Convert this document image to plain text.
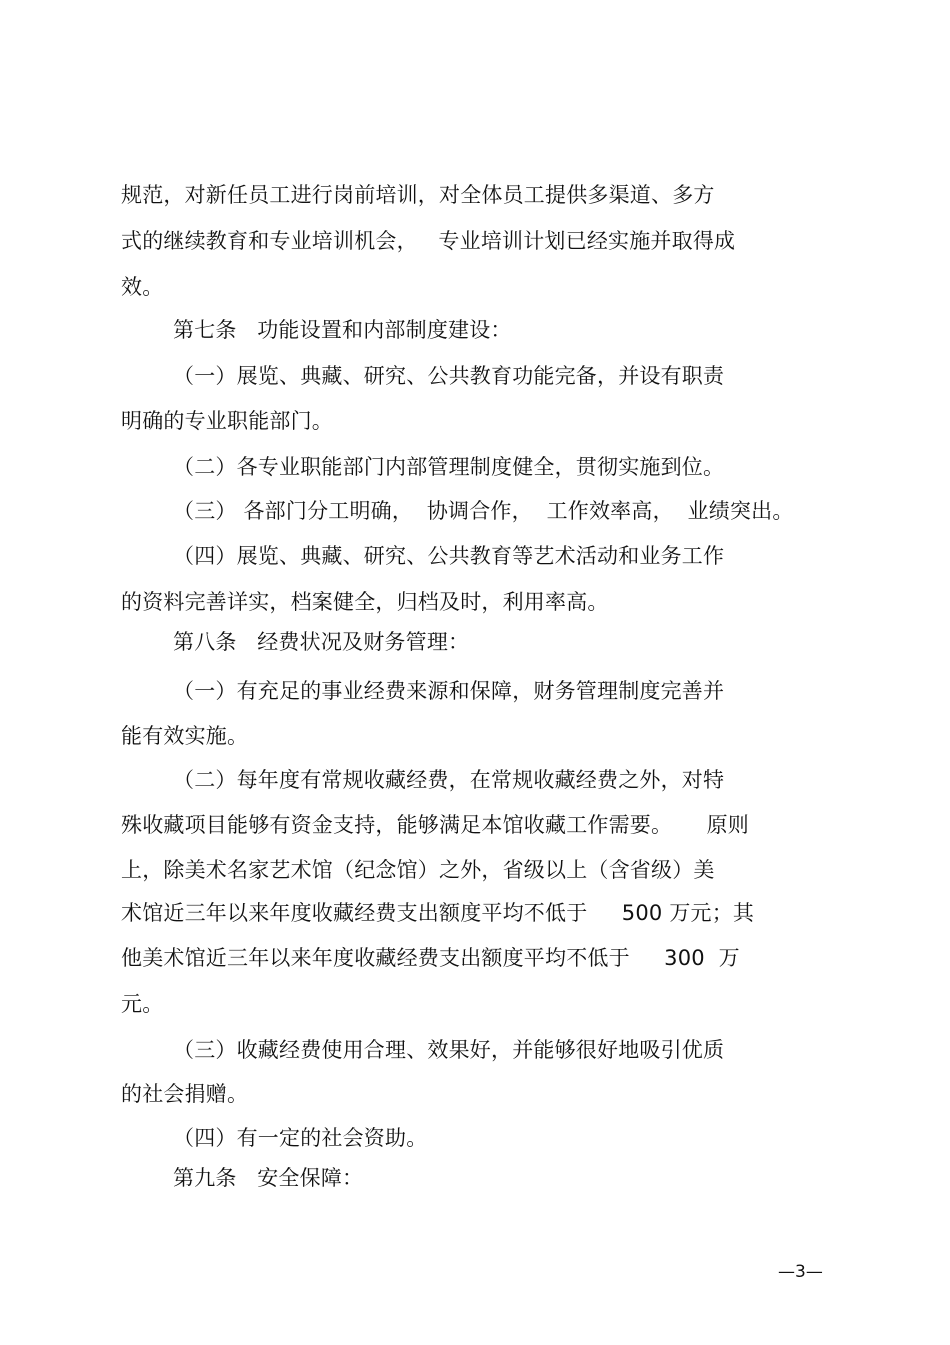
规范，对新任员工进行岗前培训，对全体员工提供多渠道、多方
式的继续教育和专业培训机会，   专业培训计划已经实施并取得成
效。
第七条   功能设置和内部制度建设：
（一）展览、典藏、研究、公共教育功能完备，并设有职责
明确的专业职能部门。
（二）各专业职能部门内部管理制度健全，贯彻实施到位。
（三） 各部门分工明确，  协调合作，  工作效率高，  业绩突出。
（四）展览、典藏、研究、公共教育等艺术活动和业务工作
的资料完善详实，档案健全，归档及时，利用率高。
第八条   经费状况及财务管理：
（一）有充足的事业经费来源和保障，财务管理制度完善并
能有效实施。
（二）每年度有常规收藏经费，在常规收藏经费之外，对特
殊收藏项目能够有资金支持，能够满足本馆收藏工作需要。     原则
上，除美术名家艺术馆（纪念馆）之外，省级以上（含省级）美
术馆近三年以来年度收藏经费支出额度平均不低于     500 万元；其
他美术馆近三年以来年度收藏经费支出额度平均不低于     300  万
元。
（三）收藏经费使用合理、效果好，并能够很好地吸引优质
的社会捐赠。
（四）有一定的社会资助。
第九条   安全保障：
—3—
